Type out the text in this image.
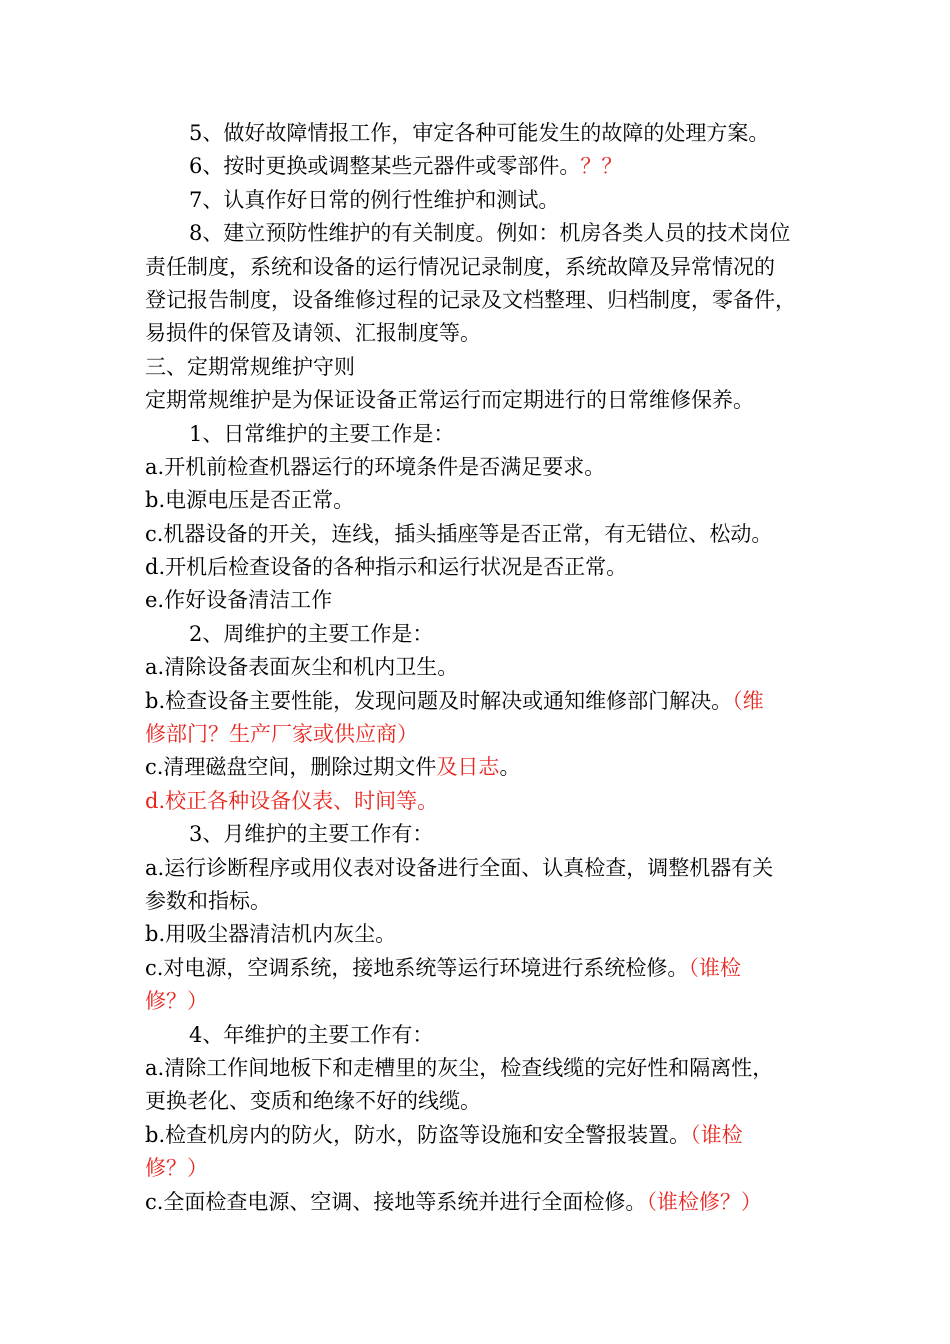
5、做好故障情报工作，审定各种可能发生的故障的处理方案。
6、按时更换或调整某些元器件或零部件。？？
7、认真作好日常的例行性维护和测试。
8、建立预防性维护的有关制度。例如：机房各类人员的技术岗位
责任制度，系统和设备的运行情况记录制度，系统故障及异常情况的
登记报告制度，设备维修过程的记录及文档整理、归档制度，零备件，
易损件的保管及请领、汇报制度等。
三、定期常规维护守则
定期常规维护是为保证设备正常运行而定期进行的日常维修保养。
1、日常维护的主要工作是：
a.开机前检查机器运行的环境条件是否满足要求。
b.电源电压是否正常。
c.机器设备的开关，连线，插头插座等是否正常，有无错位、松动。
d.开机后检查设备的各种指示和运行状况是否正常。
e.作好设备清洁工作
2、周维护的主要工作是：
a.清除设备表面灰尘和机内卫生。
b.检查设备主要性能，发现问题及时解决或通知维修部门解决。（维
修部门？生产厂家或供应商）
c.清理磁盘空间，删除过期文件及日志。
d.校正各种设备仪表、时间等。
3、月维护的主要工作有：
a.运行诊断程序或用仪表对设备进行全面、认真检查，调整机器有关
参数和指标。
b.用吸尘器清洁机内灰尘。
c.对电源，空调系统，接地系统等运行环境进行系统检修。（谁检
修？）
4、年维护的主要工作有：
a.清除工作间地板下和走槽里的灰尘，检查线缆的完好性和隔离性，
更换老化、变质和绝缘不好的线缆。
b.检查机房内的防火，防水，防盗等设施和安全警报装置。（谁检
修？）
c.全面检查电源、空调、接地等系统并进行全面检修。（谁检修？）
